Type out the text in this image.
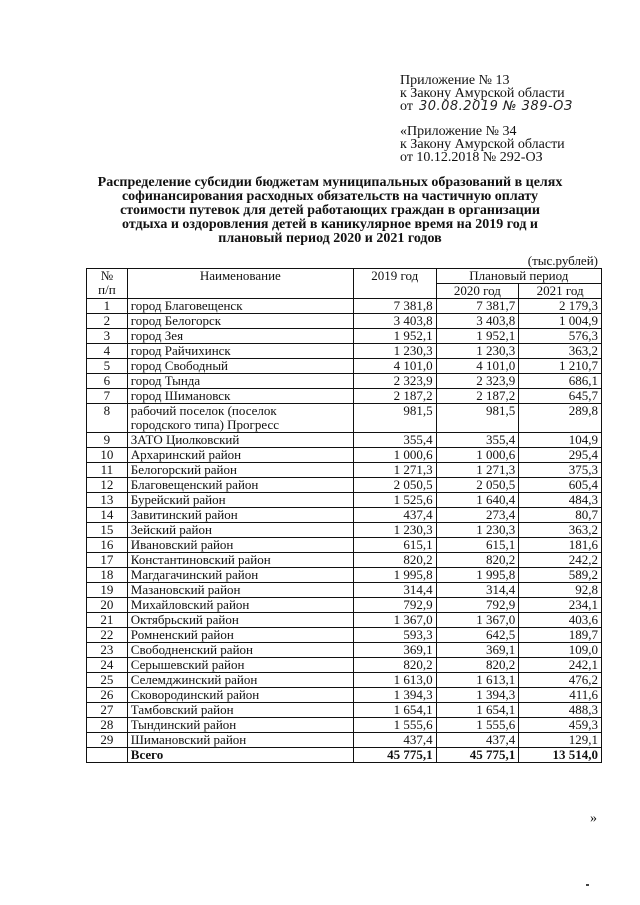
Приложение № 13
к Закону Амурской области
от 30.08.2019 № 389-ОЗ
«Приложение № 34
к Закону Амурской области
от 10.12.2018 № 292-ОЗ
Распределение субсидии бюджетам муниципальных образований в целях
софинансирования расходных обязательств на частичную оплату
стоимости путевок для детей работающих граждан в организации
отдыха и оздоровления детей в каникулярное время на 2019 год и
плановый период 2020 и 2021 годов
(тыс.рублей)
№
п/п	Наименование	2019 год	Плановый период	
			2020 год	2021 год
1	город Благовещенск	7 381,8	7 381,7	2 179,3
2	город Белогорск	3 403,8	3 403,8	1 004,9
3	город Зея	1 952,1	1 952,1	576,3
4	город Райчихинск	1 230,3	1 230,3	363,2
5	город Свободный	4 101,0	4 101,0	1 210,7
6	город Тында	2 323,9	2 323,9	686,1
7	город Шимановск	2 187,2	2 187,2	645,7
8	рабочий поселок (поселок
городского типа) Прогресс	981,5	981,5	289,8
9	ЗАТО Циолковский	355,4	355,4	104,9
10	Архаринский район	1 000,6	1 000,6	295,4
11	Белогорский район	1 271,3	1 271,3	375,3
12	Благовещенский район	2 050,5	2 050,5	605,4
13	Бурейский район	1 525,6	1 640,4	484,3
14	Завитинский район	437,4	273,4	80,7
15	Зейский район	1 230,3	1 230,3	363,2
16	Ивановский район	615,1	615,1	181,6
17	Константиновский район	820,2	820,2	242,2
18	Магдагачинский район	1 995,8	1 995,8	589,2
19	Мазановский район	314,4	314,4	92,8
20	Михайловский район	792,9	792,9	234,1
21	Октябрьский район	1 367,0	1 367,0	403,6
22	Ромненский район	593,3	642,5	189,7
23	Свободненский район	369,1	369,1	109,0
24	Серышевский район	820,2	820,2	242,1
25	Селемджинский район	1 613,0	1 613,1	476,2
26	Сковородинский район	1 394,3	1 394,3	411,6
27	Тамбовский район	1 654,1	1 654,1	488,3
28	Тындинский район	1 555,6	1 555,6	459,3
29	Шимановский район	437,4	437,4	129,1
	Всего	45 775,1	45 775,1	13 514,0
»
